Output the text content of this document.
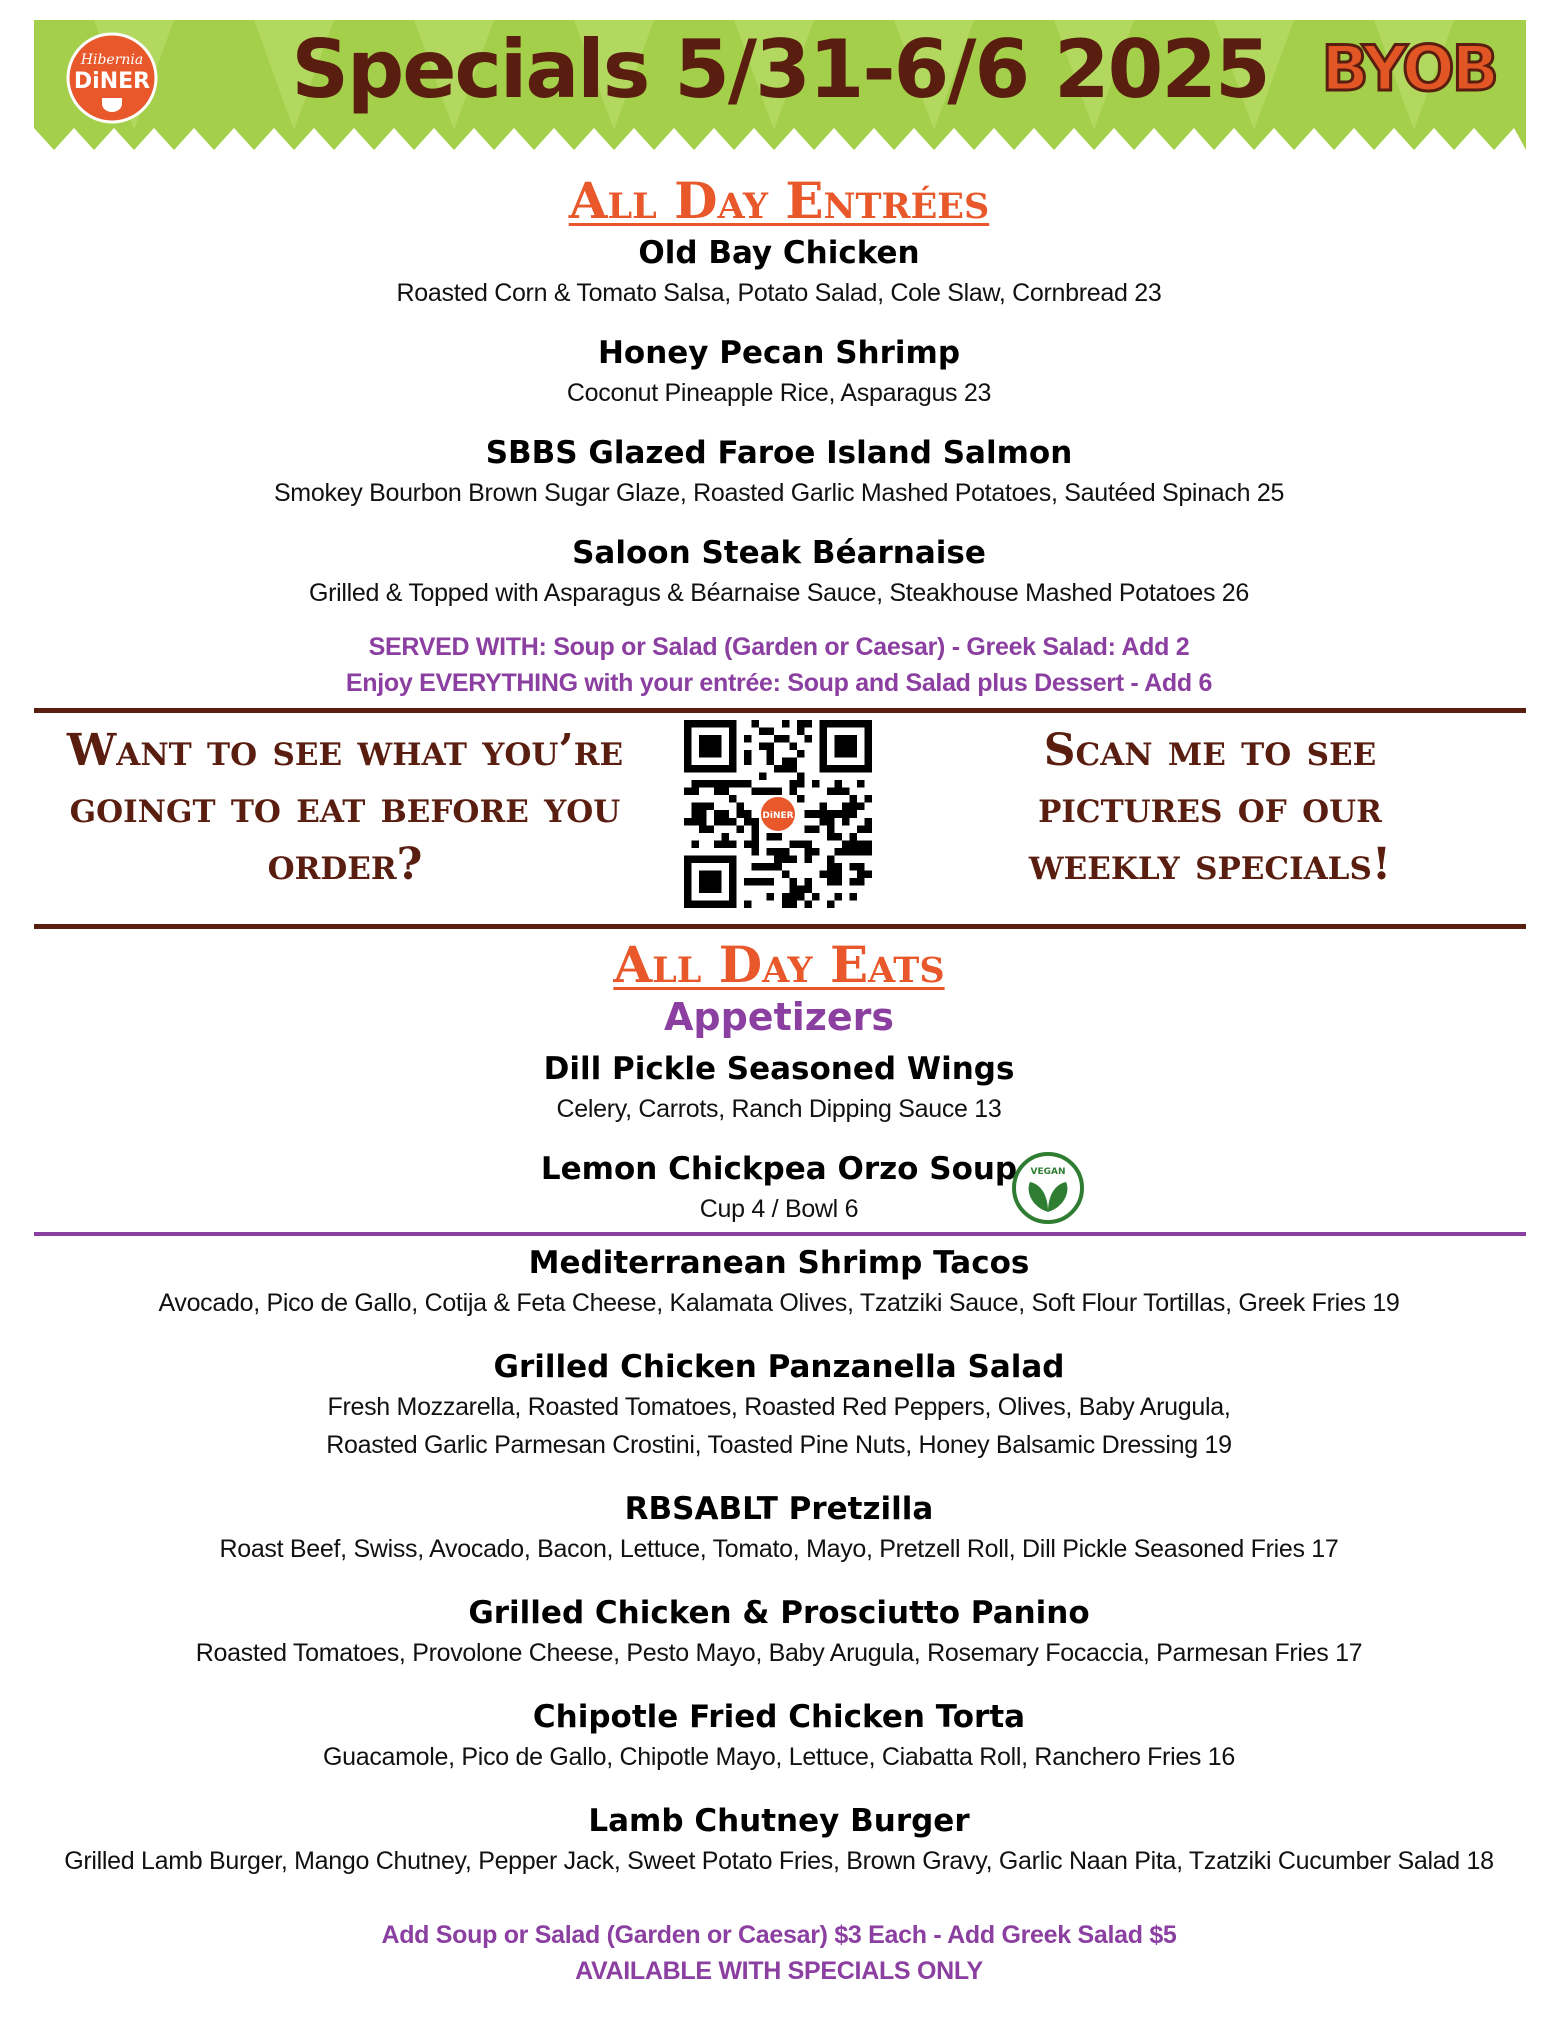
Hibernia
DiNER	Specials 5/31-6/6 2025 BYOB
All Day Entrées
Old Bay Chicken
Roasted Corn & Tomato Salsa, Potato Salad, Cole Slaw, Cornbread 23
Honey Pecan Shrimp
Coconut Pineapple Rice, Asparagus 23
SBBS Glazed Faroe Island Salmon
Smokey Bourbon Brown Sugar Glaze, Roasted Garlic Mashed Potatoes, Sautéed Spinach 25
Saloon Steak Béarnaise
Grilled & Topped with Asparagus & Béarnaise Sauce, Steakhouse Mashed Potatoes 26
SERVED WITH: Soup or Salad (Garden or Caesar) - Greek Salad: Add 2
Enjoy EVERYTHING with your entrée: Soup and Salad plus Dessert - Add 6
Want to see what you’re
goingt to eat before you
order?
DiNER
Scan me to see
pictures of our
weekly specials!
All Day Eats
Appetizers
Dill Pickle Seasoned Wings
Celery, Carrots, Ranch Dipping Sauce 13
Lemon Chickpea Orzo Soup
Cup 4 / Bowl 6
VEGAN
Mediterranean Shrimp Tacos
Avocado, Pico de Gallo, Cotija & Feta Cheese, Kalamata Olives, Tzatziki Sauce, Soft Flour Tortillas, Greek Fries 19
Grilled Chicken Panzanella Salad
Fresh Mozzarella, Roasted Tomatoes, Roasted Red Peppers, Olives, Baby Arugula,
Roasted Garlic Parmesan Crostini, Toasted Pine Nuts, Honey Balsamic Dressing 19
RBSABLT Pretzilla
Roast Beef, Swiss, Avocado, Bacon, Lettuce, Tomato, Mayo, Pretzell Roll, Dill Pickle Seasoned Fries 17
Grilled Chicken & Prosciutto Panino
Roasted Tomatoes, Provolone Cheese, Pesto Mayo, Baby Arugula, Rosemary Focaccia, Parmesan Fries 17
Chipotle Fried Chicken Torta
Guacamole, Pico de Gallo, Chipotle Mayo, Lettuce, Ciabatta Roll, Ranchero Fries 16
Lamb Chutney Burger
Grilled Lamb Burger, Mango Chutney, Pepper Jack, Sweet Potato Fries, Brown Gravy, Garlic Naan Pita, Tzatziki Cucumber Salad 18
Add Soup or Salad (Garden or Caesar) $3 Each - Add Greek Salad $5
AVAILABLE WITH SPECIALS ONLY
